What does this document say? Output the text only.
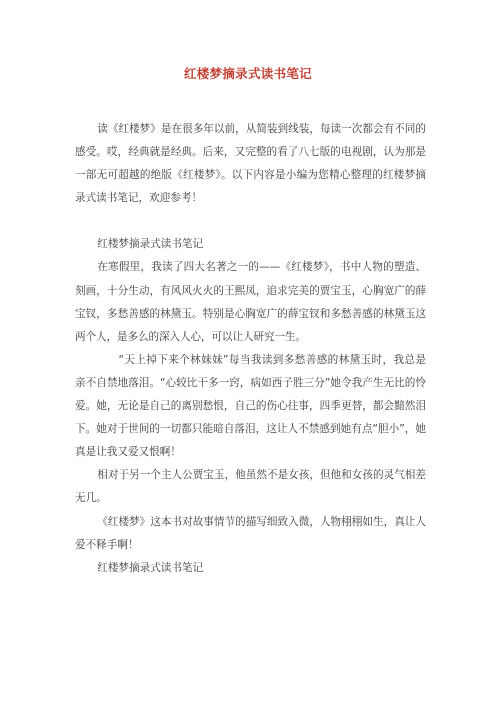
红楼梦摘录式读书笔记

读《红楼梦》是在很多年以前，从简装到线装，每读一次都会有不同的感受。哎，经典就是经典。后来，又完整的看了八七版的电视剧，认为那是一部无可超越的绝版《红楼梦》。以下内容是小编为您精心整理的红楼梦摘录式读书笔记，欢迎参考！

红楼梦摘录式读书笔记

在寒假里，我读了四大名著之一的——《红楼梦》，书中人物的塑造、刻画，十分生动，有风风火火的王熙凤，追求完美的贾宝玉，心胸宽广的薛宝钗，多愁善感的林黛玉。特别是心胸宽广的薛宝钗和多愁善感的林黛玉这两个人，是多么的深入人心，可以让人研究一生。

“天上掉下来个林妹妹”每当我读到多愁善感的林黛玉时，我总是亲不自禁地落泪。“心较比干多一窍，病如西子胜三分”她令我产生无比的怜爱。她，无论是自己的离别愁恨，自己的伤心往事，四季更替，都会黯然泪下。她对于世间的一切都只能暗自落泪，这让人不禁感到她有点“胆小”，她真是让我又爱又恨啊！

相对于另一个主人公贾宝玉，他虽然不是女孩，但他和女孩的灵气相差无几。

《红楼梦》这本书对故事情节的描写细致入微，人物栩栩如生，真让人爱不释手啊！

红楼梦摘录式读书笔记
